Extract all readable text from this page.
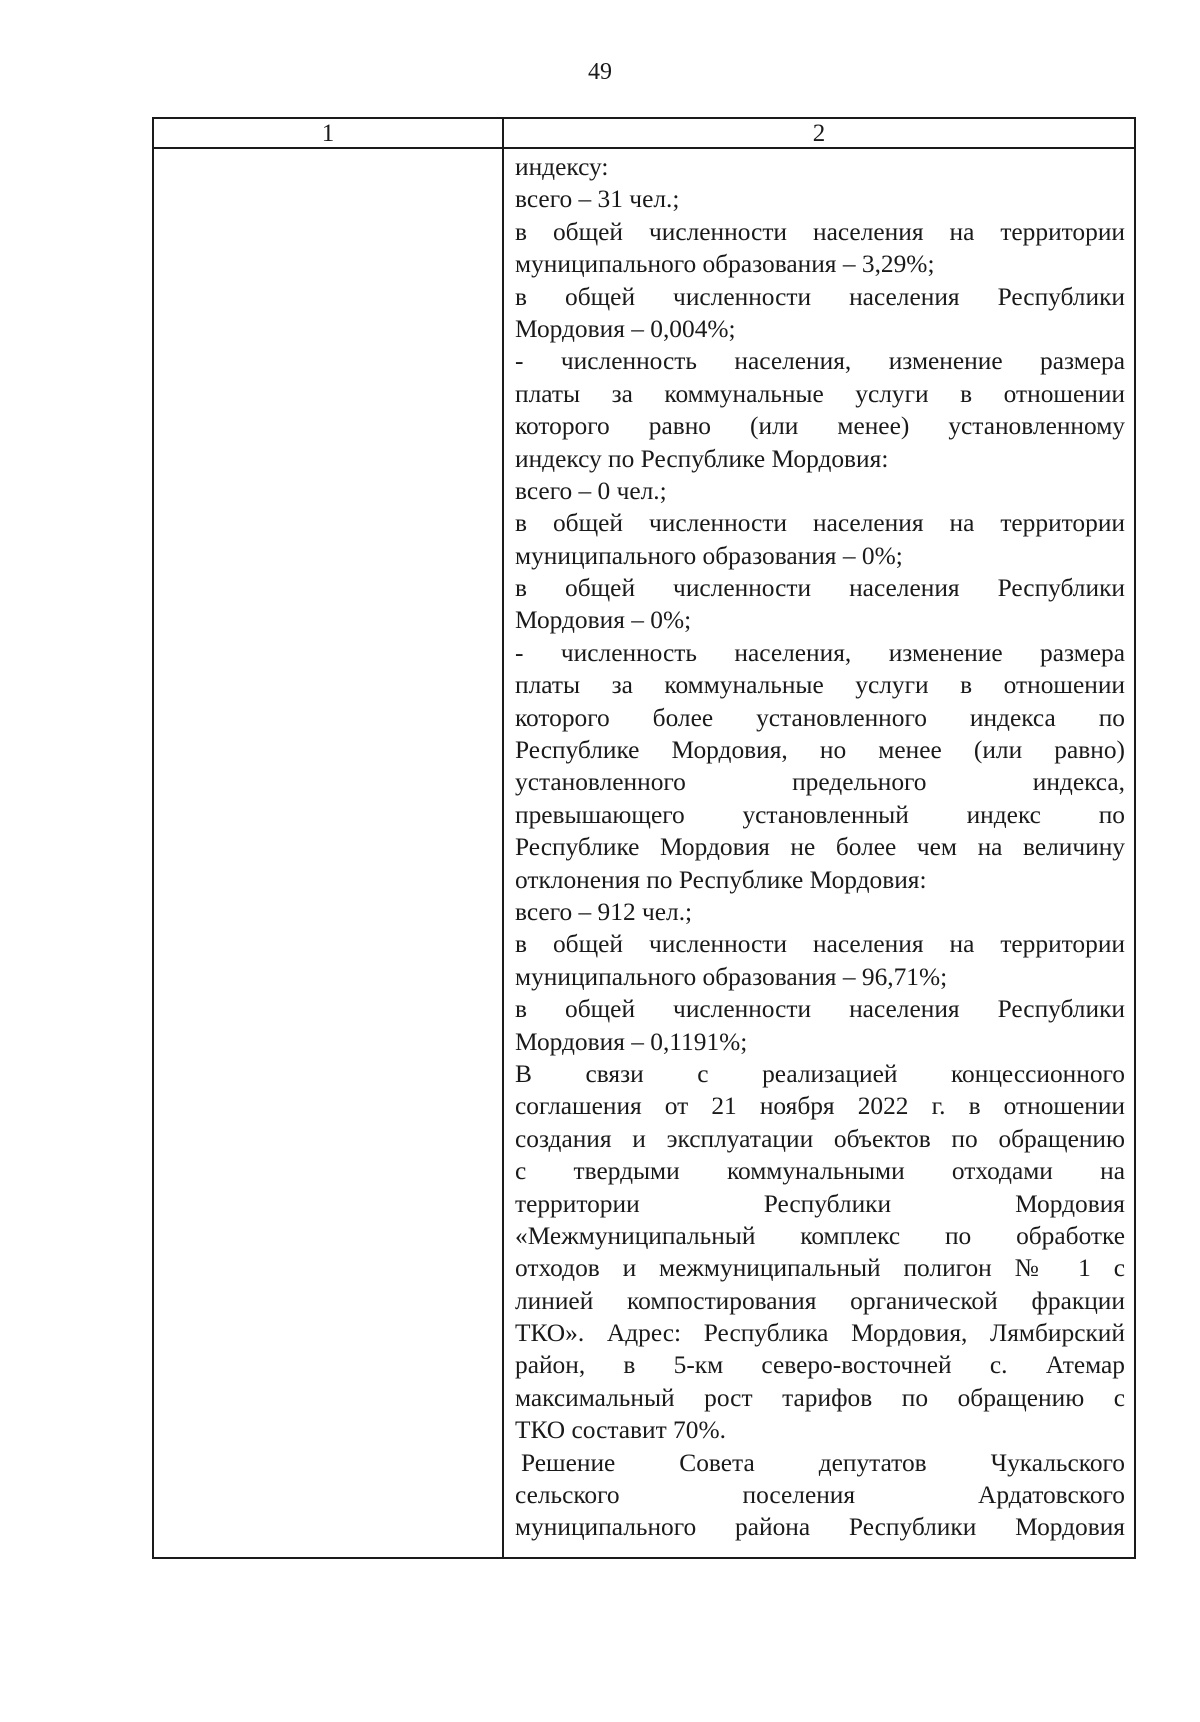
49
1	2
индексу:
всего – 31 чел.;
в общей численности населения на территории
муниципального образования – 3,29%;
в общей численности населения Республики
Мордовия – 0,004%;
- численность населения, изменение размера
платы за коммунальные услуги в отношении
которого равно (или менее) установленному
индексу по Республике Мордовия:
всего – 0 чел.;
в общей численности населения на территории
муниципального образования – 0%;
в общей численности населения Республики
Мордовия – 0%;
- численность населения, изменение размера
платы за коммунальные услуги в отношении
которого более установленного индекса по
Республике Мордовия, но менее (или равно)
установленного предельного индекса,
превышающего установленный индекс по
Республике Мордовия не более чем на величину
отклонения по Республике Мордовия:
всего – 912 чел.;
в общей численности населения на территории
муниципального образования – 96,71%;
в общей численности населения Республики
Мордовия – 0,1191%;
В связи с реализацией концессионного
соглашения от 21 ноября 2022 г. в отношении
создания и эксплуатации объектов по обращению
с твердыми коммунальными отходами на
территории Республики Мордовия
«Межмуниципальный комплекс по обработке
отходов и межмуниципальный полигон № 1 с
линией компостирования органической фракции
ТКО». Адрес: Республика Мордовия, Лямбирский
район, в 5-км северо-восточней с. Атемар
максимальный рост тарифов по обращению с
ТКО составит 70%.
Решение Совета депутатов Чукальского
сельского поселения Ардатовского
муниципального района Республики Мордовия
